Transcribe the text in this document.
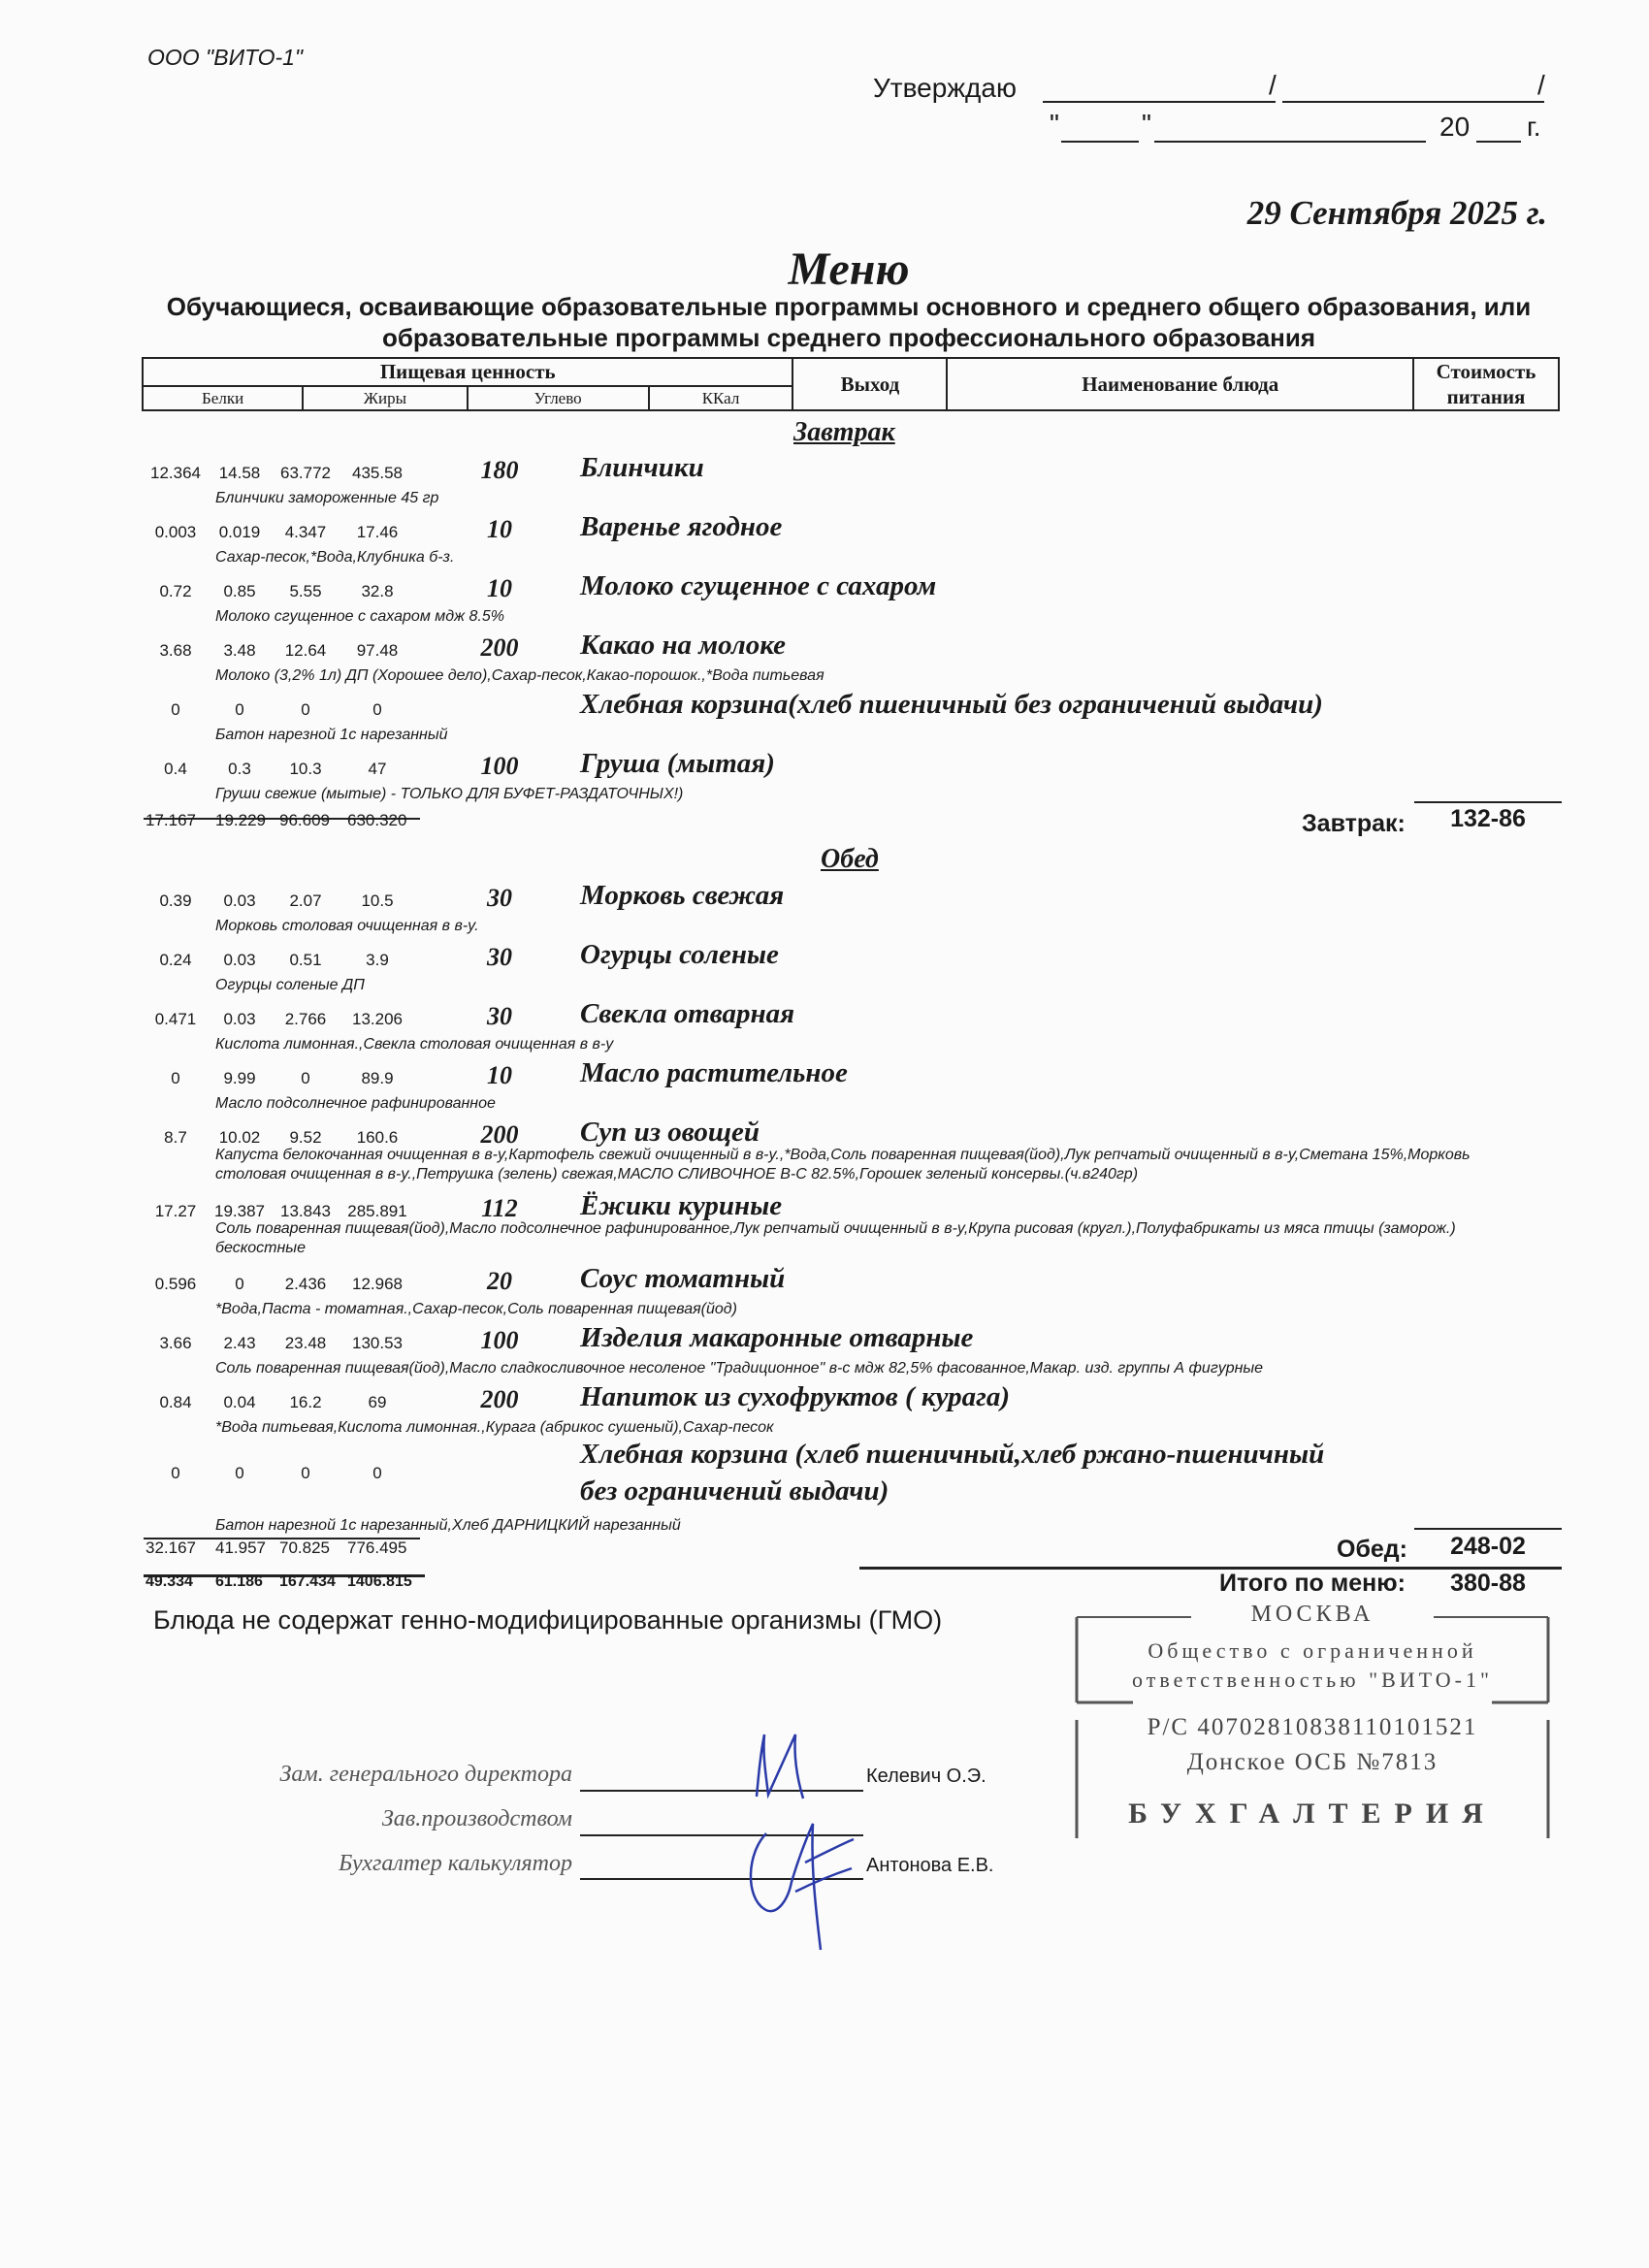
ООО "ВИТО-1"
Утверждаю	/	/
"	"	20 г.
29 Сентября 2025 г.
Меню
Обучающиеся, осваивающие образовательные программы основного и среднего общего образования, или образовательные программы среднего профессионального образования
Пищевая ценность				Выход	Наименование блюда	Стоимость питания
Белки	Жиры	Углево	ККал			
Завтрак
12.364	14.58	63.772	435.58	180	Блинчики
Блинчики замороженные 45 гр
0.003	0.019	4.347	17.46	10	Варенье ягодное
Сахар-песок,*Вода,Клубника б-з.
0.72	0.85	5.55	32.8	10	Молоко сгущенное с сахаром
Молоко сгущенное с сахаром мдж 8.5%
3.68	3.48	12.64	97.48	200	Какао на молоке
Молоко (3,2% 1л) ДП (Хорошее дело),Сахар-песок,Какао-порошок.,*Вода питьевая
0	0	0	0	Хлебная корзина(хлеб пшеничный без ограничений выдачи)
Батон нарезной 1с нарезанный
0.4	0.3	10.3	47	100	Груша (мытая)
Груши свежие (мытые) - ТОЛЬКО ДЛЯ БУФЕТ-РАЗДАТОЧНЫХ!)
17.167 19.229 96.609 630.320	Завтрак:	132-86
Обед
0.39	0.03	2.07	10.5	30	Морковь свежая
Морковь столовая очищенная в в-у.
0.24	0.03	0.51	3.9	30	Огурцы соленые
Огурцы соленые ДП
0.471	0.03	2.766	13.206	30	Свекла отварная
Кислота лимонная.,Свекла столовая очищенная в в-у
0	9.99	0	89.9	10	Масло растительное
Масло подсолнечное рафинированное
8.7	10.02	9.52	160.6	200	Суп из овощей
Капуста белокочанная очищенная в в-у,Картофель свежий очищенный в в-у.,*Вода,Соль поваренная пищевая(йод),Лук репчатый очищенный в в-у,Сметана 15%,Морковь столовая очищенная в в-у.,Петрушка (зелень) свежая,МАСЛО СЛИВОЧНОЕ В-С 82.5%,Горошек зеленый консервы.(ч.в240гр)
17.27	19.387 13.843	285.891	112	Ёжики куриные
Соль поваренная пищевая(йод),Масло подсолнечное рафинированное,Лук репчатый очищенный в в-у,Крупа рисовая (кругл.),Полуфабрикаты из мяса птицы (заморож.) бескостные
0.596	0	2.436	12.968	20	Соус томатный
*Вода,Паста - томатная.,Сахар-песок,Соль поваренная пищевая(йод)
3.66	2.43	23.48	130.53	100	Изделия макаронные отварные
Соль поваренная пищевая(йод),Масло сладкосливочное несоленое "Традиционное" в-с мдж 82,5% фасованное,Макар. изд. группы А фигурные
0.84	0.04	16.2	69	200	Напиток из сухофруктов ( курага)
*Вода питьевая,Кислота лимонная.,Курага (абрикос сушеный),Сахар-песок
0	0	0	0
Хлебная корзина (хлеб пшеничный,хлеб ржано-пшеничный
без ограничений выдачи)
Батон нарезной 1с нарезанный,Хлеб ДАРНИЦКИЙ нарезанный
32.167 41.957 70.825 776.495	Обед:	248-02
49.334 61.186 167.434 1406.815	Итого по меню:	380-88
Блюда не содержат генно-модифицированные организмы (ГМО)
Зам. генерального директора	Келевич О.Э.
Зав.производством
Бухгалтер калькулятор	Антонова Е.В.
МОСКВА
Общество с ограниченной
ответственностью "ВИТО-1"
Р/С 40702810838110101521
Донское ОСБ №7813
БУХГАЛТЕРИЯ
